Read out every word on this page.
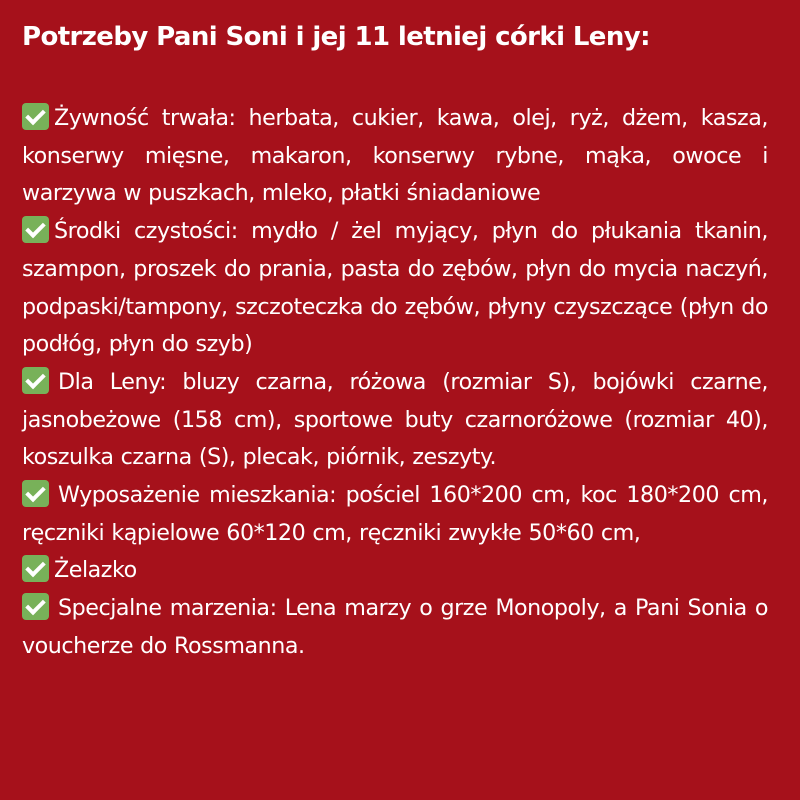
Potrzeby Pani Soni i jej 11 letniej córki Leny:
Żywność trwała: herbata, cukier, kawa, olej, ryż, dżem, kasza, konserwy mięsne, makaron, konserwy rybne, mąka, owoce i warzywa w puszkach, mleko, płatki śniadaniowe
Środki czystości: mydło / żel myjący, płyn do płukania tkanin, szampon, proszek do prania, pasta do zębów, płyn do mycia naczyń, podpaski/tampony, szczoteczka do zębów, płyny czyszczące (płyn do podłóg, płyn do szyb)
Dla Leny: bluzy czarna, różowa (rozmiar S), bojówki czarne, jasnobeżowe (158 cm), sportowe buty czarnoróżowe (rozmiar 40), koszulka czarna (S), plecak, piórnik, zeszyty.
Wyposażenie mieszkania: pościel 160*200 cm, koc 180*200 cm, ręczniki kąpielowe 60*120 cm, ręczniki zwykłe 50*60 cm,
Żelazko
Specjalne marzenia: Lena marzy o grze Monopoly, a Pani Sonia o voucherze do Rossmanna.
